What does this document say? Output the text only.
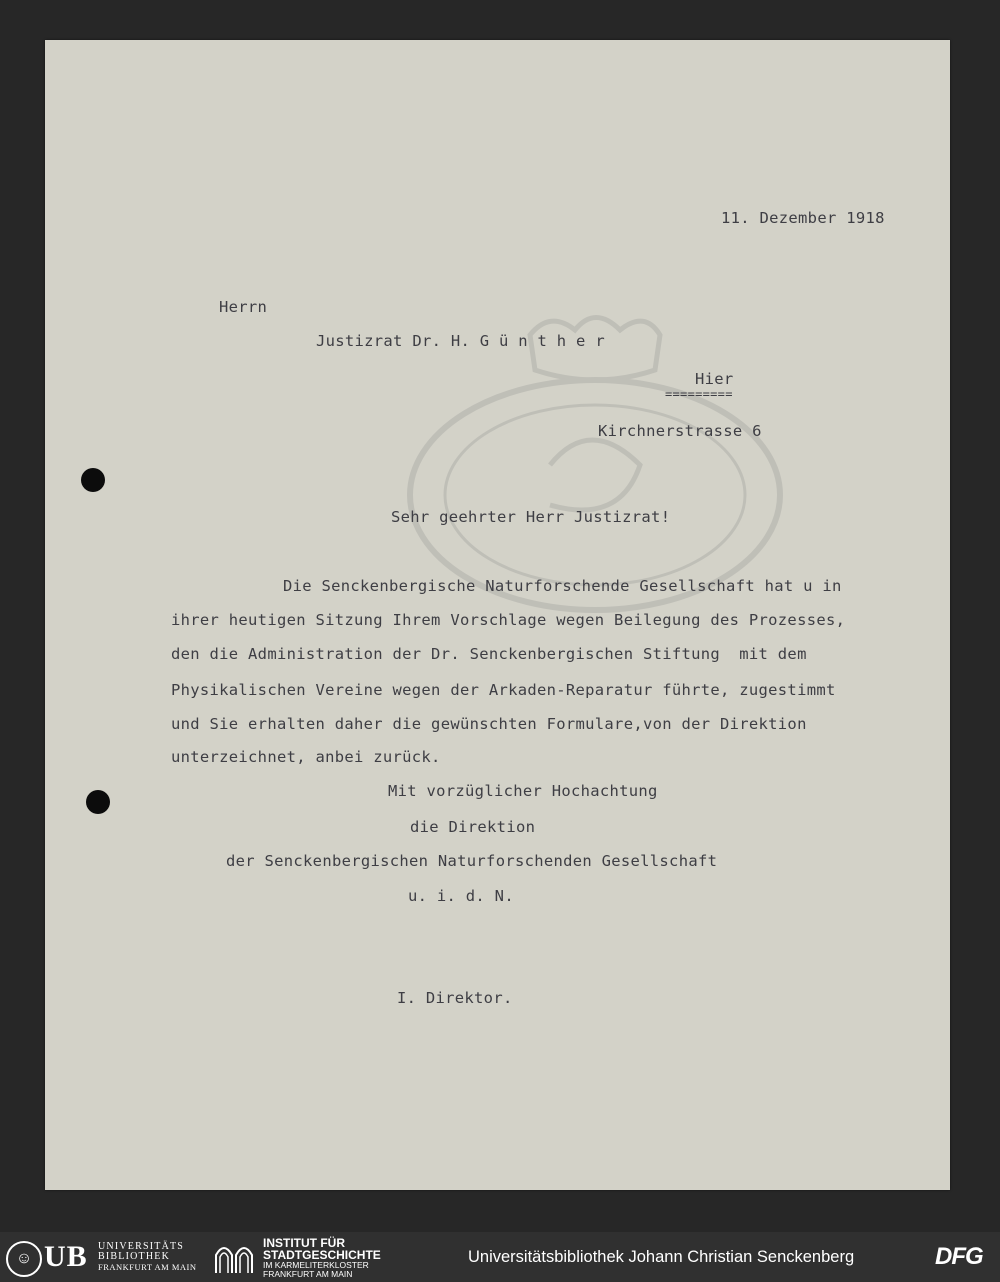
11. Dezember 1918
Herrn
Justizrat Dr. H. G ü n t h e r
Hier
=========
Kirchnerstrasse 6
Sehr geehrter Herr Justizrat!
Die Senckenbergische Naturforschende Gesellschaft hat u in
ihrer heutigen Sitzung Ihrem Vorschlage wegen Beilegung des Prozesses,
den die Administration der Dr. Senckenbergischen Stiftung  mit dem
Physikalischen Vereine wegen der Arkaden-Reparatur führte, zugestimmt
und Sie erhalten daher die gewünschten Formulare,von der Direktion
unterzeichnet, anbei zurück.
Mit vorzüglicher Hochachtung
die Direktion
der Senckenbergischen Naturforschenden Gesellschaft
u. i. d. N.
I. Direktor.
☺ UB UNIVERSITÄTS
BIBLIOTHEK
FRANKFURT AM MAIN
INSTITUT FÜR
STADTGESCHICHTE
IM KARMELITERKLOSTER
FRANKFURT AM MAIN
Universitätsbibliothek Johann Christian Senckenberg	DFG
